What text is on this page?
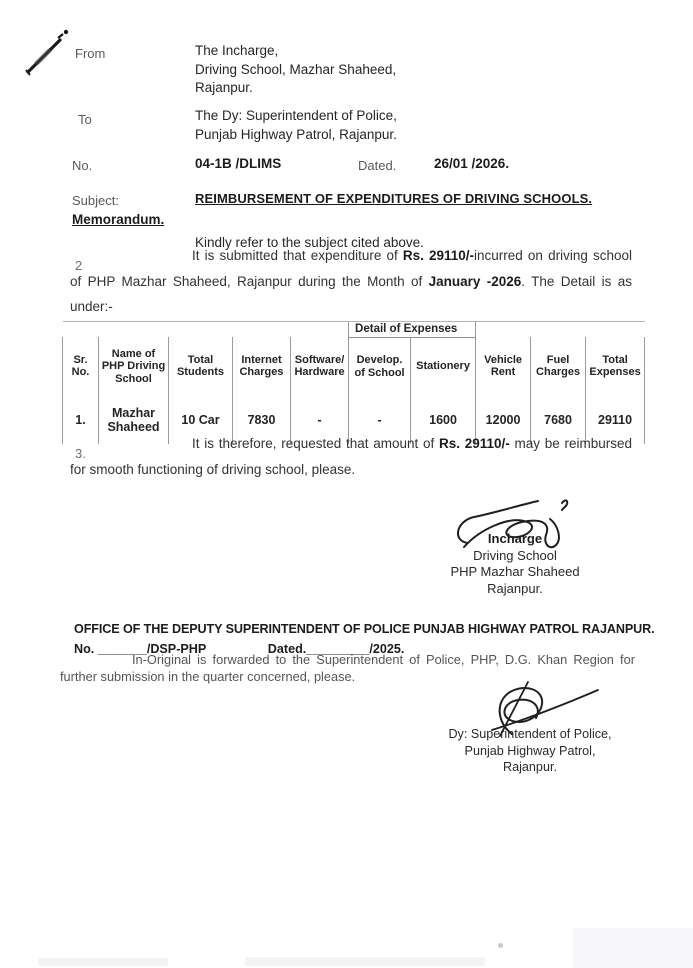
From	The Incharge,
Driving School, Mazhar Shaheed,
Rajanpur.
To	The Dy: Superintendent of Police,
Punjab Highway Patrol, Rajanpur.
No.	04-1B /DLIMS	Dated.	26/01 /2026.
Subject:	REIMBURSEMENT OF EXPENDITURES OF DRIVING SCHOOLS.
Memorandum.
Kindly refer to the subject cited above.
2

It is submitted that expenditure of Rs. 29110/-incurred on driving school of PHP Mazhar Shaheed, Rajanpur during the Month of January -2026. The Detail is as under:-

					Detail of Expenses				
Sr. No.	Name of PHP Driving School	Total Students	Internet Charges	Software/ Hardware	Develop. of School	Stationery	Vehicle Rent	Fuel Charges	Total Expenses
1.	Mazhar Shaheed	10 Car	7830	-	-	1600	12000	7680	29110
3.

It is therefore, requested that amount of Rs. 29110/- may be reimbursed for smooth functioning of driving school, please.

Incharge
Driving School
PHP Mazhar Shaheed
Rajanpur.
OFFICE OF THE DEPUTY SUPERINTENDENT OF POLICE PUNJAB HIGHWAY PATROL RAJANPUR.
No. _______/DSP-PHP	Dated._________/2025.

In-Original is forwarded to the Superintendent of Police, PHP, D.G. Khan Region for further submission in the quarter concerned, please.

Dy: Superintendent of Police,
Punjab Highway Patrol,
Rajanpur.
